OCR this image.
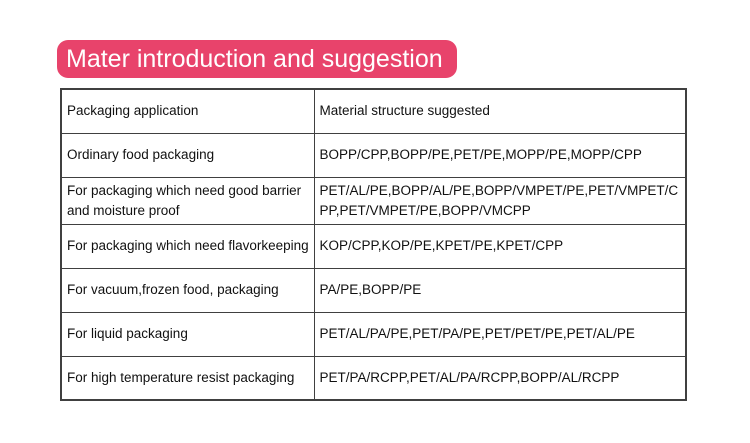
Mater introduction and suggestion
Packaging application	Material structure suggested
Ordinary food packaging	BOPP/CPP,BOPP/PE,PET/PE,MOPP/PE,MOPP/CPP
For packaging which need good barrier and moisture proof	PET/AL/PE,BOPP/AL/PE,BOPP/VMPET/PE,PET/VMPET/CPP,PET/VMPET/PE,BOPP/VMCPP
For packaging which need flavorkeeping	KOP/CPP,KOP/PE,KPET/PE,KPET/CPP
For vacuum,frozen food, packaging	PA/PE,BOPP/PE
For liquid packaging	PET/AL/PA/PE,PET/PA/PE,PET/PET/PE,PET/AL/PE
For high temperature resist packaging	PET/PA/RCPP,PET/AL/PA/RCPP,BOPP/AL/RCPP
